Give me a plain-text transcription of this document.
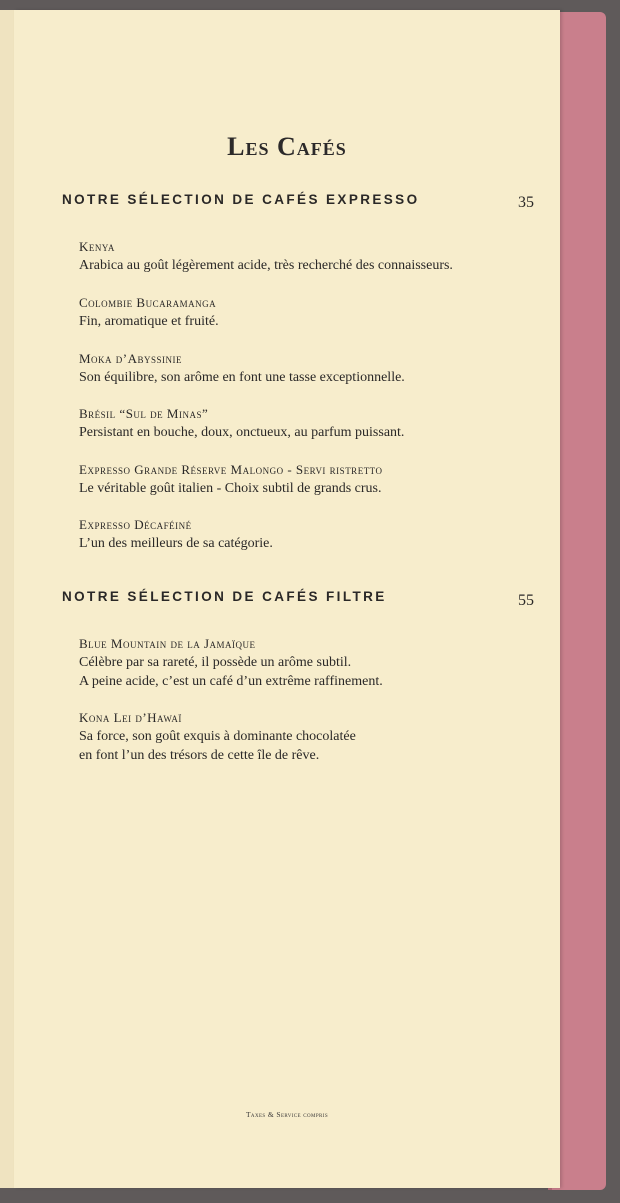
Les Cafés
NOTRE SÉLECTION DE CAFÉS EXPRESSO	35
Kenya
Arabica au goût légèrement acide, très recherché des connaisseurs.
Colombie Bucaramanga
Fin, aromatique et fruité.
Moka d’Abyssinie
Son équilibre, son arôme en font une tasse exceptionnelle.
Brésil “Sul de Minas”
Persistant en bouche, doux, onctueux, au parfum puissant.
Expresso Grande Réserve Malongo - Servi ristretto
Le véritable goût italien - Choix subtil de grands crus.
Expresso Décaféiné
L’un des meilleurs de sa catégorie.
NOTRE SÉLECTION DE CAFÉS FILTRE	55
Blue Mountain de la Jamaïque
Célèbre par sa rareté, il possède un arôme subtil.
A peine acide, c’est un café d’un extrême raffinement.
Kona Lei d’Hawaï
Sa force, son goût exquis à dominante chocolatée
en font l’un des trésors de cette île de rêve.
Taxes & Service compris
